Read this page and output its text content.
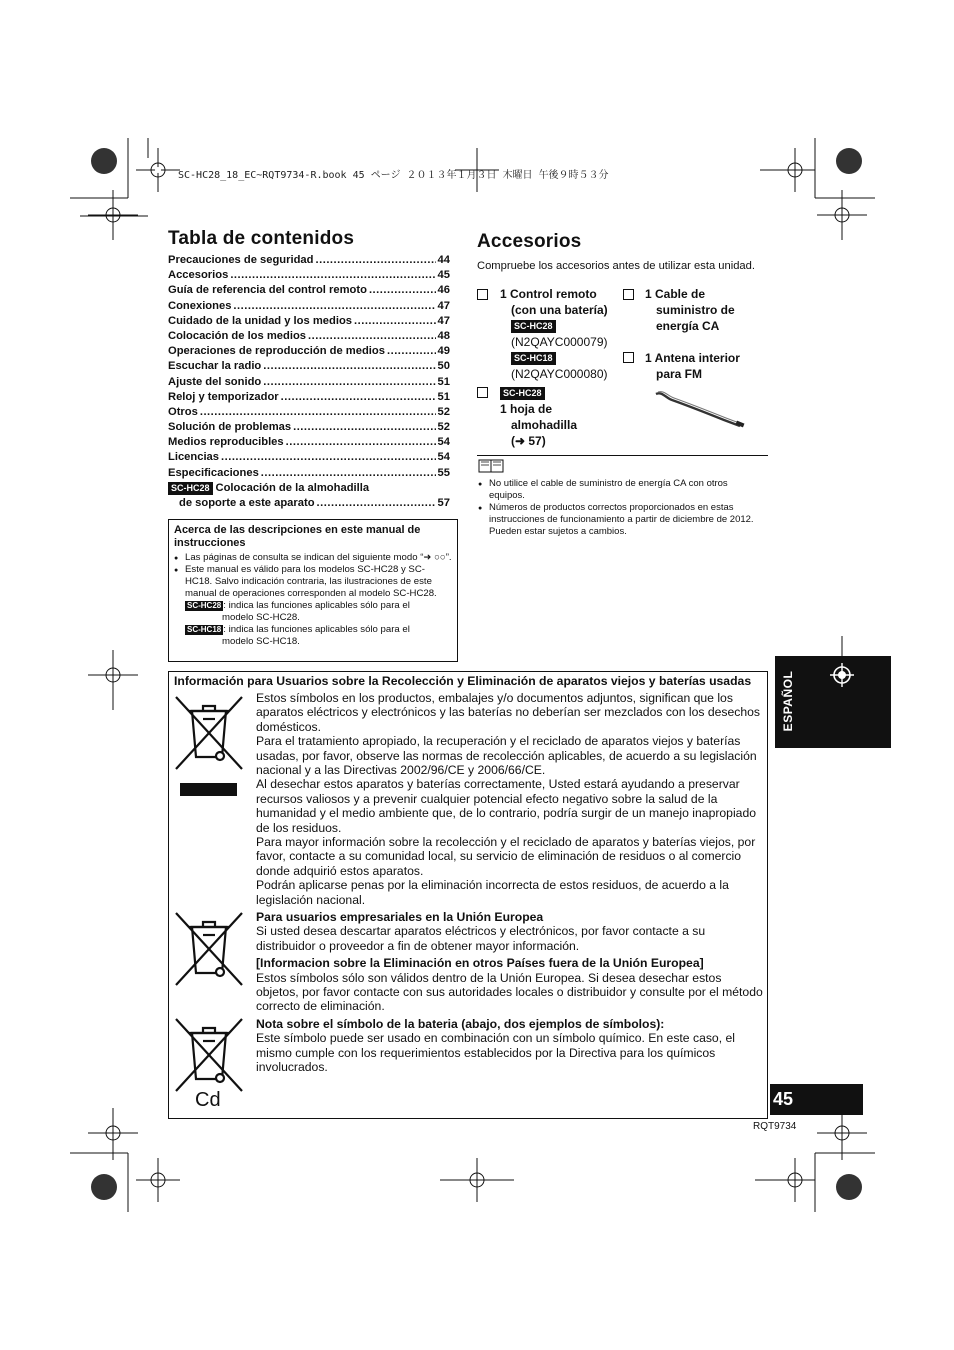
SC-HC28_18_EC~RQT9734-R.book 45 ページ ２０１３年１月３日 木曜日 午後９時５３分
Tabla de contenidos
Precauciones de seguridad .....	44
Accesorios .....	45
Guía de referencia del control remoto .....	46
Conexiones .....	47
Cuidado de la unidad y los medios .....	47
Colocación de los medios .....	48
Operaciones de reproducción de medios .....	49
Escuchar la radio .....	50
Ajuste del sonido .....	51
Reloj y temporizador .....	51
Otros .....	52
Solución de problemas .....	52
Medios reproducibles .....	54
Licencias .....	54
Especificaciones .....	55
SC-HC28 Colocación de la almohadilla
de soporte a este aparato .....	57
Acerca de las descripciones en este manual de instrucciones
● Las páginas de consulta se indican del siguiente modo “➜ ○○”.
● Este manual es válido para los modelos SC-HC28 y SC-HC18. Salvo indicación contraria, las ilustraciones de este manual de operaciones corresponden al modelo SC-HC28.
SC-HC28 : indica las funciones aplicables sólo para el
modelo SC-HC28.
SC-HC18 : indica las funciones aplicables sólo para el
modelo SC-HC18.
Accesorios
Compruebe los accesorios antes de utilizar esta unidad.
1 Control remoto
(con una batería)
SC-HC28
(N2QAYC000079)
SC-HC18
(N2QAYC000080)
1 Cable de
suministro de
energía CA
1 Antena interior
para FM
SC-HC28
1 hoja de
almohadilla
(➜ 57)
● No utilice el cable de suministro de energía CA con otros equipos.
● Números de productos correctos proporcionados en estas instrucciones de funcionamiento a partir de diciembre de 2012. Pueden estar sujetos a cambios.
Información para Usuarios sobre la Recolección y Eliminación de aparatos viejos y baterías usadas
Cd
Estos símbolos en los productos, embalajes y/o documentos adjuntos, significan que los aparatos eléctricos y electrónicos y las baterías no deberían ser mezclados con los desechos domésticos.
Para el tratamiento apropiado, la recuperación y el reciclado de aparatos viejos y baterías usadas, por favor, observe las normas de recolección aplicables, de acuerdo a su legislación nacional y a las Directivas 2002/96/CE y 2006/66/CE.
Al desechar estos aparatos y baterías correctamente, Usted estará ayudando a preservar recursos valiosos y a prevenir cualquier potencial efecto negativo sobre la salud de la humanidad y el medio ambiente que, de lo contrario, podría surgir de un manejo inapropiado de los residuos.
Para mayor información sobre la recolección y el reciclado de aparatos y baterías viejos, por favor, contacte a su comunidad local, su servicio de eliminación de residuos o al comercio donde adquirió estos aparatos.
Podrán aplicarse penas por la eliminación incorrecta de estos residuos, de acuerdo a la legislación nacional.
Para usuarios empresariales en la Unión Europea
Si usted desea descartar aparatos eléctricos y electrónicos, por favor contacte a su distribuidor o proveedor a fin de obtener mayor información.
[Informacion sobre la Eliminación en otros Países fuera de la Unión Europea]
Estos símbolos sólo son válidos dentro de la Unión Europea. Si desea desechar estos objetos, por favor contacte con sus autoridades locales o distribuidor y consulte por el método correcto de eliminación.
Nota sobre el símbolo de la bateria (abajo, dos ejemplos de símbolos):
Este símbolo puede ser usado en combinación con un símbolo químico. En este caso, el mismo cumple con los requerimientos establecidos por la Directiva para los químicos involucrados.
ESPAÑOL
45
RQT9734
